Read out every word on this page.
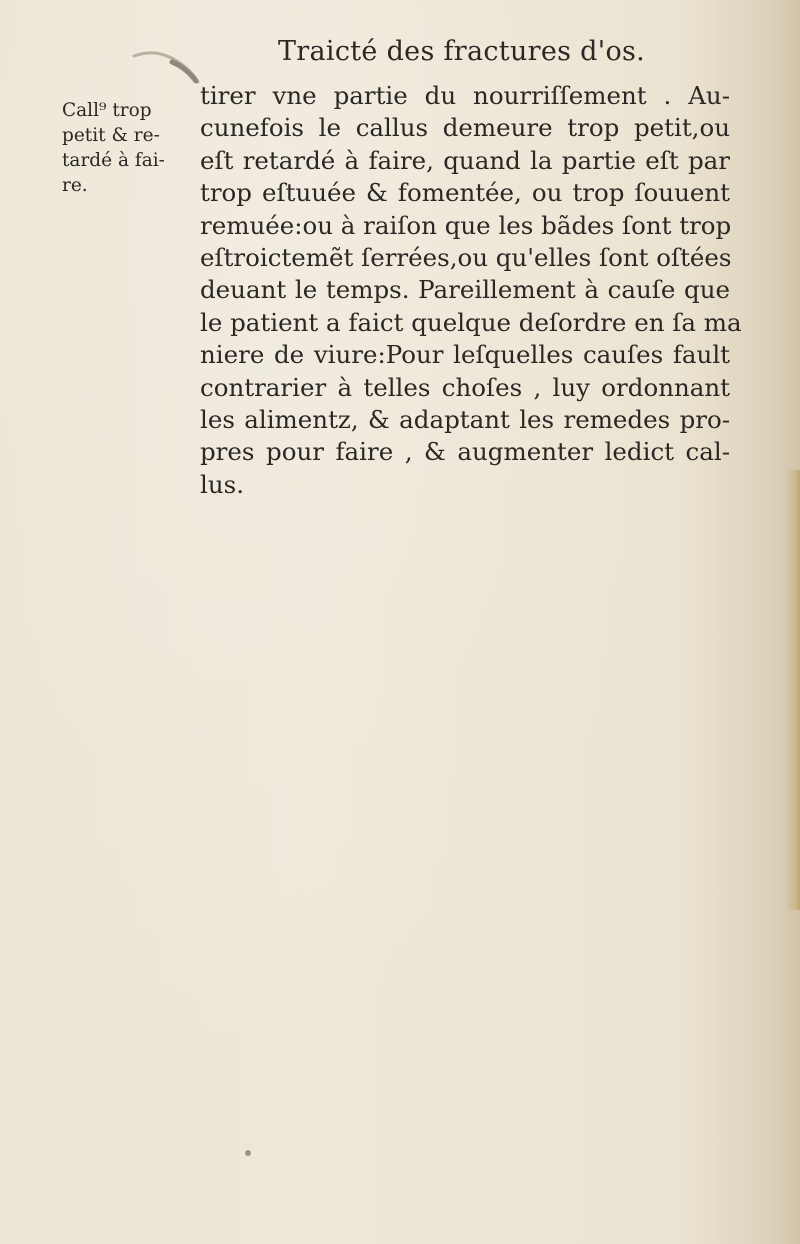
Traicté des fractures d'os.
Call⁹ trop
petit & re-
tardé à fai-
re.
tirer vne partie du nourriſſement . Au-
cunefois le callus demeure trop petit,ou
eſt retardé à faire, quand la partie eſt par
trop eſtuuée & fomentée, ou trop ſouuent
remuée:ou à raiſon que les bãdes ſont trop
eſtroictemẽt ſerrées,ou qu'elles ſont oſtées
deuant le temps. Pareillement à cauſe que
le patient a faict quelque deſordre en ſa ma
niere de viure:Pour leſquelles cauſes fault
contrarier à telles choſes , luy ordonnant
les alimentz, & adaptant les remedes pro-
pres pour faire , & augmenter ledict cal-
lus.
